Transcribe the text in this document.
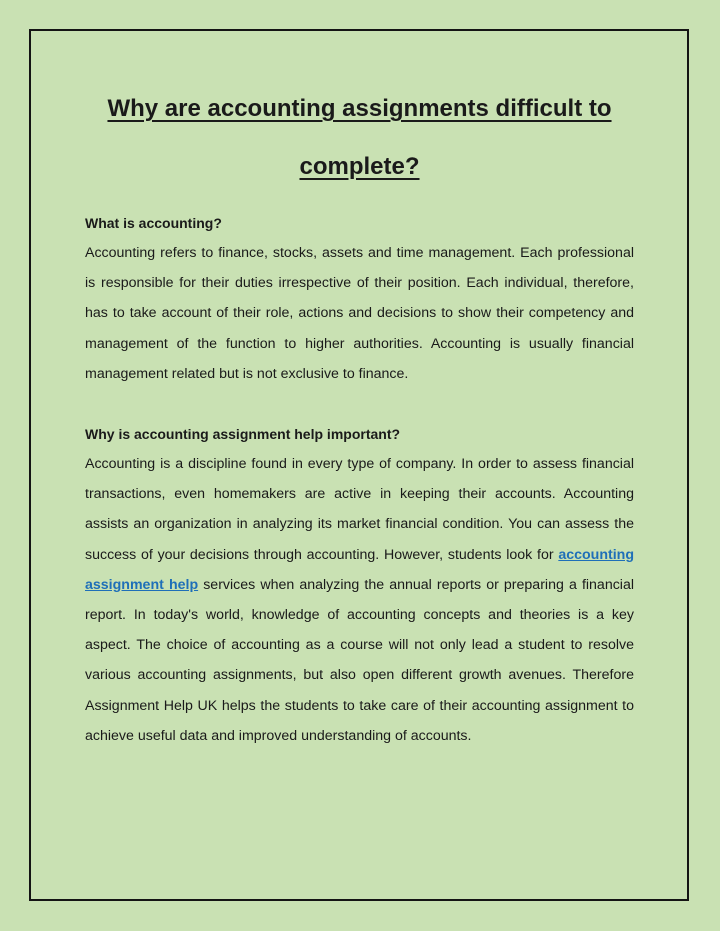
Why are accounting assignments difficult to complete?
What is accounting?

Accounting refers to finance, stocks, assets and time management. Each professional is responsible for their duties irrespective of their position. Each individual, therefore, has to take account of their role, actions and decisions to show their competency and management of the function to higher authorities. Accounting is usually financial management related but is not exclusive to finance.

Why is accounting assignment help important?

Accounting is a discipline found in every type of company. In order to assess financial transactions, even homemakers are active in keeping their accounts. Accounting assists an organization in analyzing its market financial condition. You can assess the success of your decisions through accounting. However, students look for accounting assignment help services when analyzing the annual reports or preparing a financial report. In today's world, knowledge of accounting concepts and theories is a key aspect. The choice of accounting as a course will not only lead a student to resolve various accounting assignments, but also open different growth avenues. Therefore Assignment Help UK helps the students to take care of their accounting assignment to achieve useful data and improved understanding of accounts.
